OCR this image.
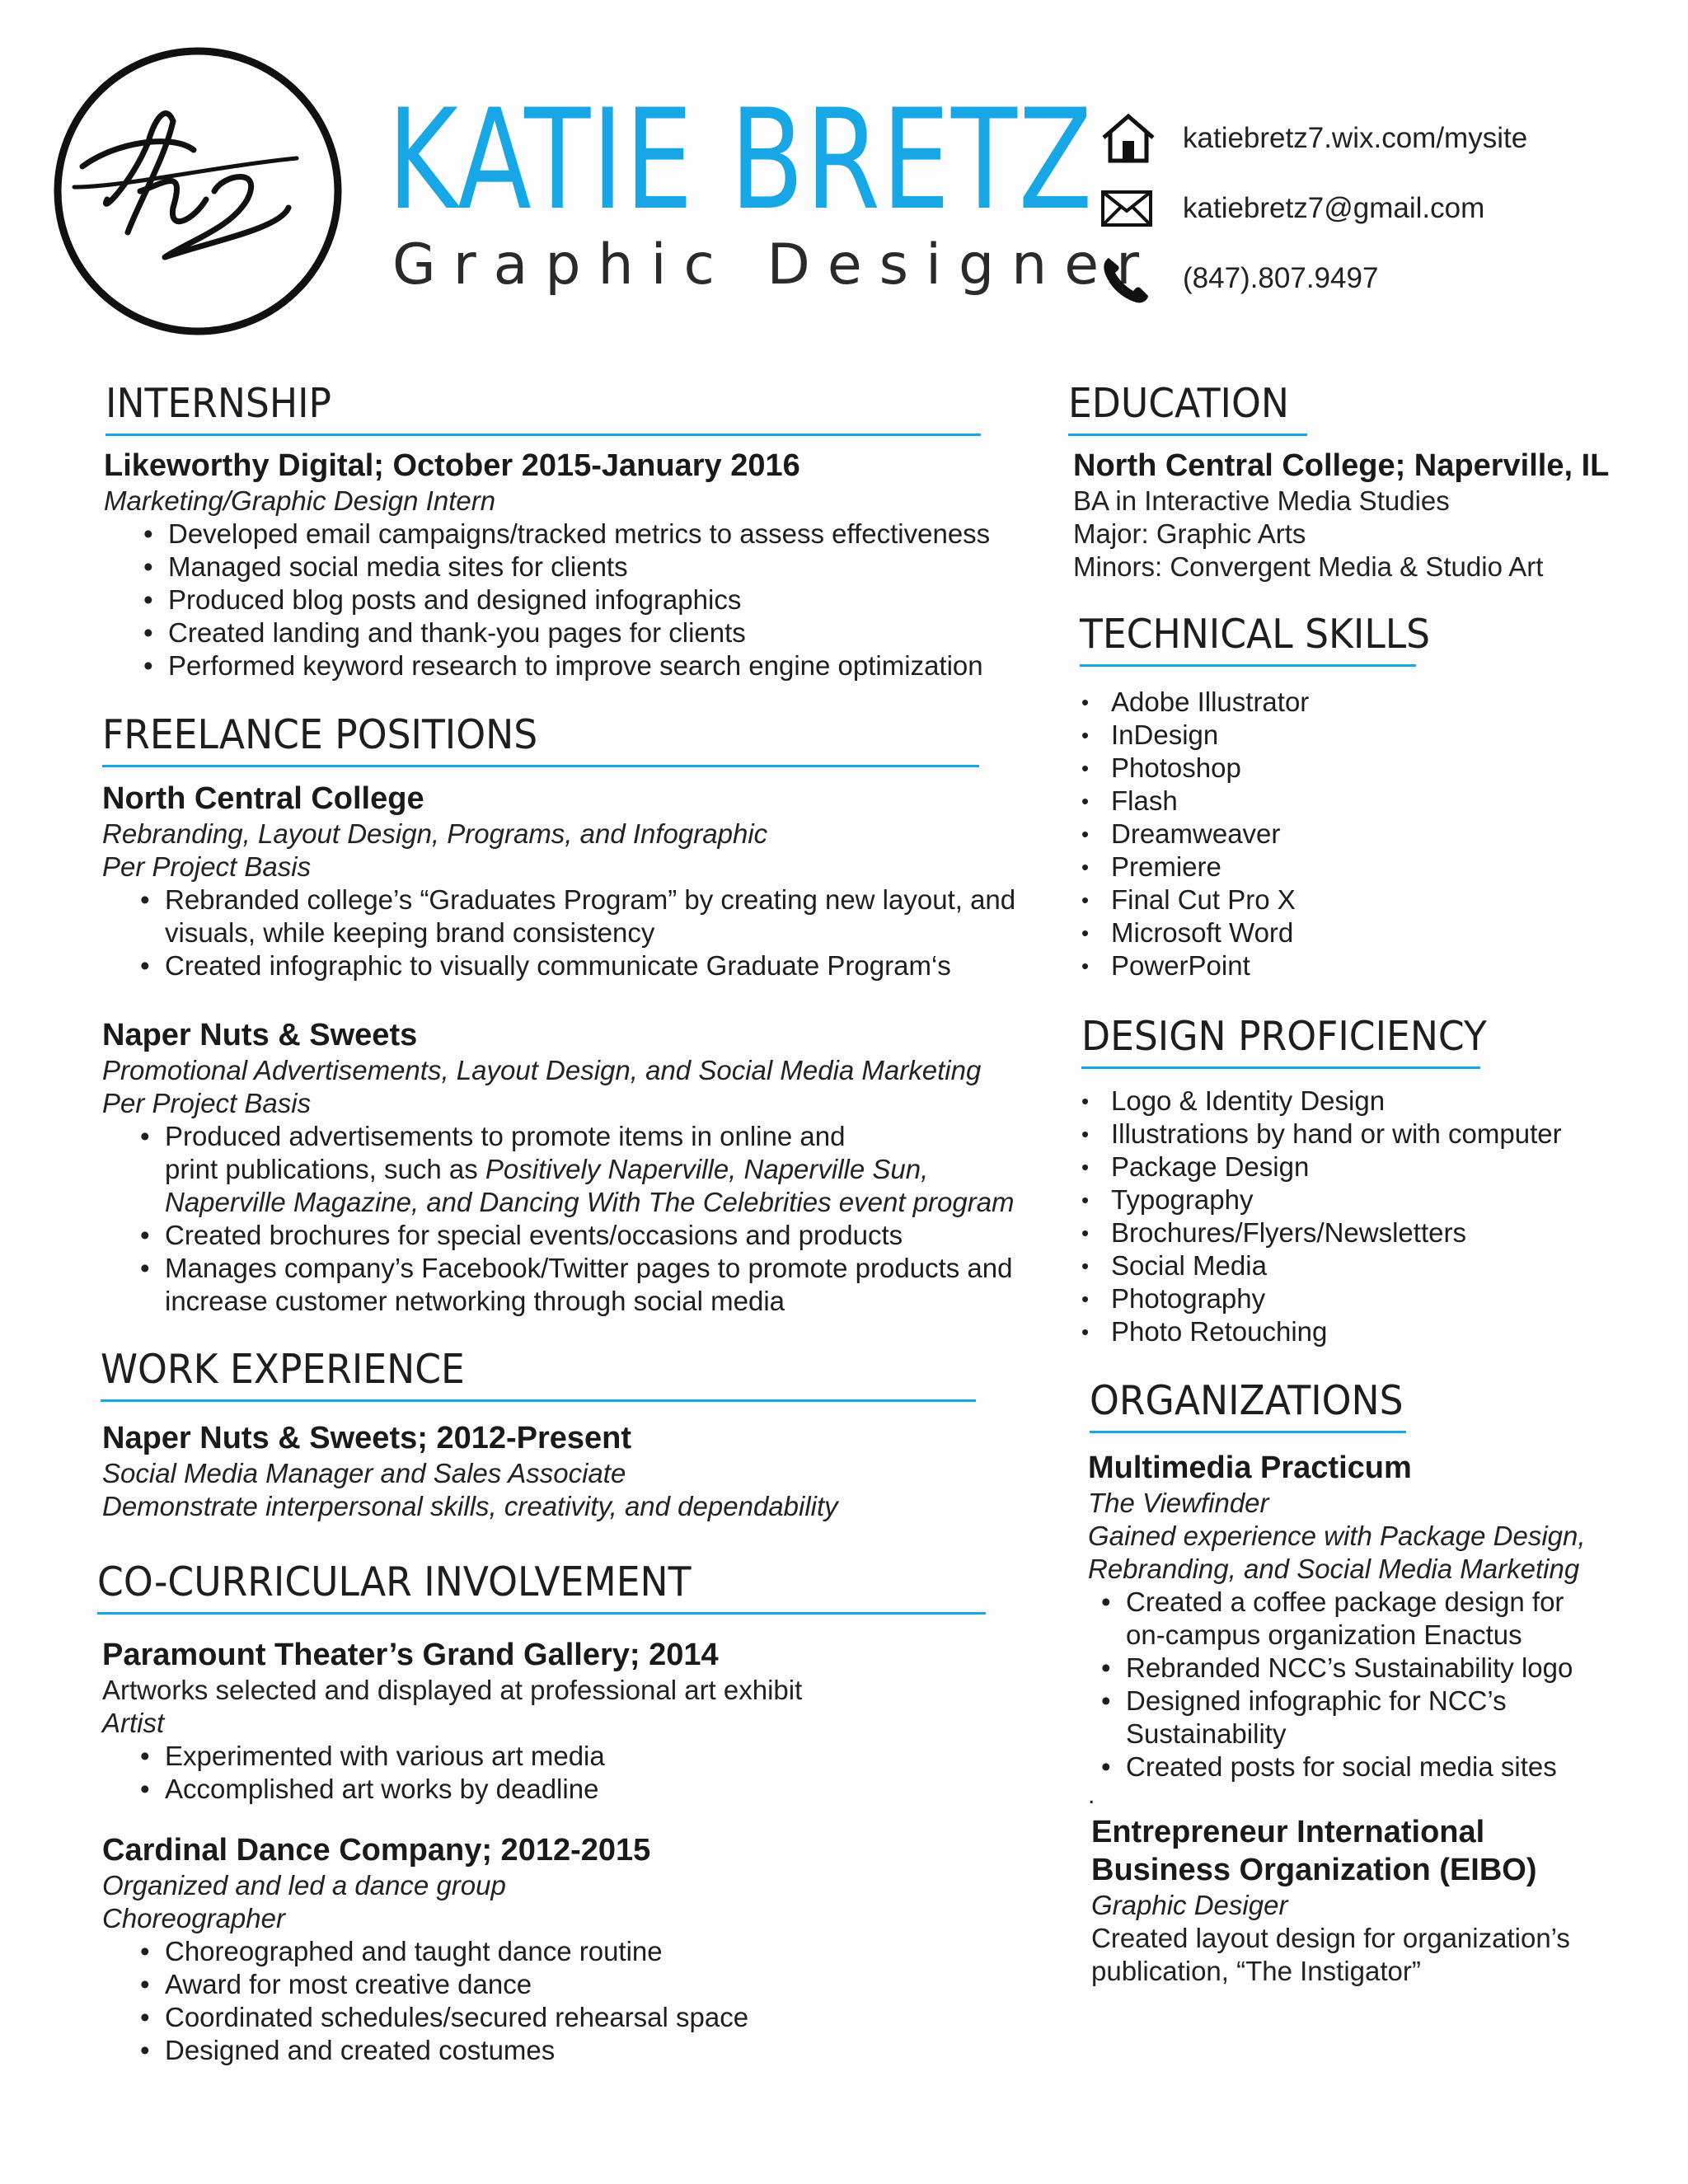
KATIE BRETZ
Graphic Designer
katiebretz7.wix.com/mysite
katiebretz7@gmail.com
(847).807.9497
INTERNSHIP
Likeworthy Digital; October 2015-January 2016
Marketing/Graphic Design Intern
• Developed email campaigns/tracked metrics to assess effectiveness
• Managed social media sites for clients
• Produced blog posts and designed infographics
• Created landing and thank-you pages for clients
• Performed keyword research to improve search engine optimization
FREELANCE POSITIONS
North Central College
Rebranding, Layout Design, Programs, and Infographic
Per Project Basis
• Rebranded college’s “Graduates Program” by creating new layout, and
visuals, while keeping brand consistency
• Created infographic to visually communicate Graduate Program‘s
Naper Nuts & Sweets
Promotional Advertisements, Layout Design, and Social Media Marketing
Per Project Basis
• Produced advertisements to promote items in online and
print publications, such as Positively Naperville, Naperville Sun,
Naperville Magazine, and Dancing With The Celebrities event program
• Created brochures for special events/occasions and products
• Manages company’s Facebook/Twitter pages to promote products and
increase customer networking through social media
WORK EXPERIENCE
Naper Nuts & Sweets; 2012-Present
Social Media Manager and Sales Associate
Demonstrate interpersonal skills, creativity, and dependability
CO-CURRICULAR INVOLVEMENT
Paramount Theater’s Grand Gallery; 2014
Artworks selected and displayed at professional art exhibit
Artist
• Experimented with various art media
• Accomplished art works by deadline
Cardinal Dance Company; 2012-2015
Organized and led a dance group
Choreographer
• Choreographed and taught dance routine
• Award for most creative dance
• Coordinated schedules/secured rehearsal space
• Designed and created costumes
EDUCATION
North Central College; Naperville, IL
BA in Interactive Media Studies
Major: Graphic Arts
Minors: Convergent Media & Studio Art
TECHNICAL SKILLS
• Adobe Illustrator
• InDesign
• Photoshop
• Flash
• Dreamweaver
• Premiere
• Final Cut Pro X
• Microsoft Word
• PowerPoint
DESIGN PROFICIENCY
• Logo & Identity Design
• Illustrations by hand or with computer
• Package Design
• Typography
• Brochures/Flyers/Newsletters
• Social Media
• Photography
• Photo Retouching
ORGANIZATIONS
Multimedia Practicum
The Viewfinder
Gained experience with Package Design,
Rebranding, and Social Media Marketing
• Created a coffee package design for
on-campus organization Enactus
• Rebranded NCC’s Sustainability logo
• Designed infographic for NCC’s
Sustainability
• Created posts for social media sites
.
Entrepreneur International
Business Organization (EIBO)
Graphic Desiger
Created layout design for organization’s
publication, “The Instigator”
